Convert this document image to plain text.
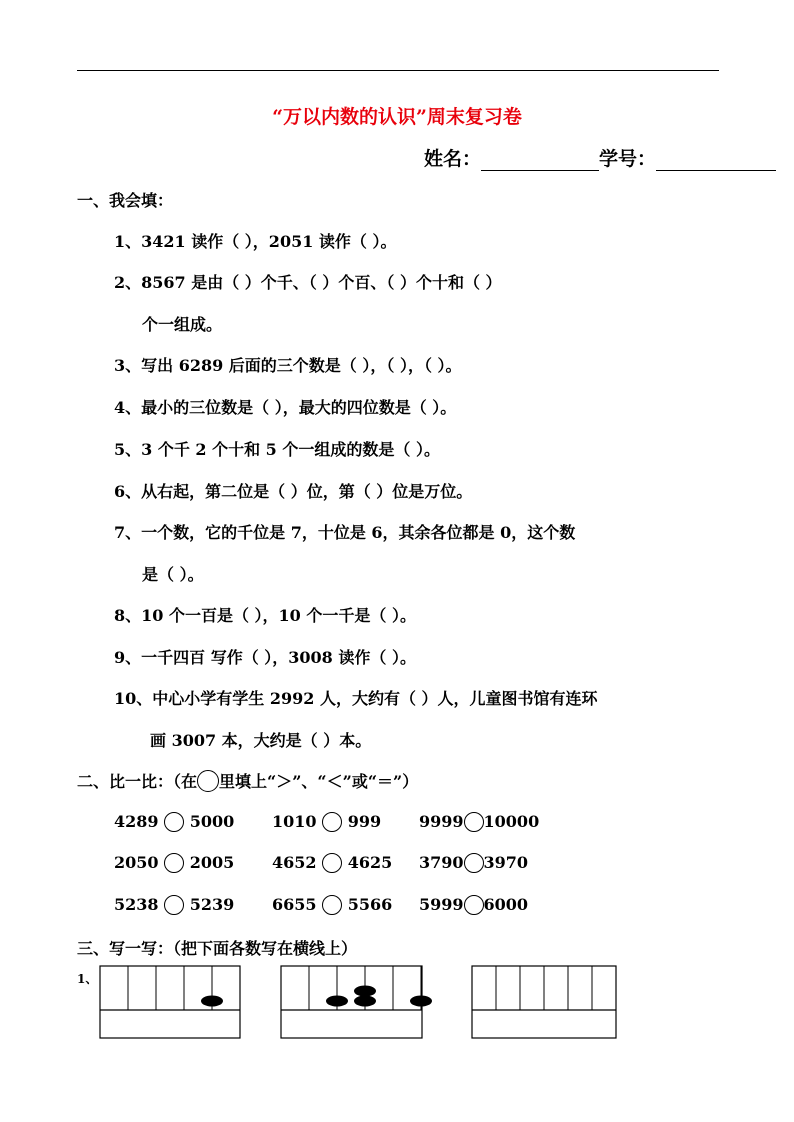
“万以内数的认识”周末复习卷
姓名：	学号：
一、我会填：
1、3421 读作（ ），2051 读作（ ）。
2、8567 是由（ ）个千、（ ）个百、（ ）个十和（ ）
个一组成。
3、写出 6289 后面的三个数是（ ），（ ），（ ）。
4、最小的三位数是（ ），最大的四位数是（ ）。
5、3 个千 2 个十和 5 个一组成的数是（ ）。
6、从右起，第二位是（ ）位，第（ ）位是万位。
7、一个数，它的千位是 7，十位是 6，其余各位都是 0，这个数
是（ ）。
8、10 个一百是（ ），10 个一千是（ ）。
9、一千四百 写作（ ），3008 读作（ ）。
10、中心小学有学生 2992 人，大约有（ ）人，儿童图书馆有连环
画 3007 本，大约是（ ）本。
二、比一比：（在 里填上“＞”、“＜”或“＝”）
4289 5000 1010 999 9999 10000
2050 2005 4652 4625 3790 3970
5238 5239 6655 5566 5999 6000
三、写一写：（把下面各数写在横线上）
1、
